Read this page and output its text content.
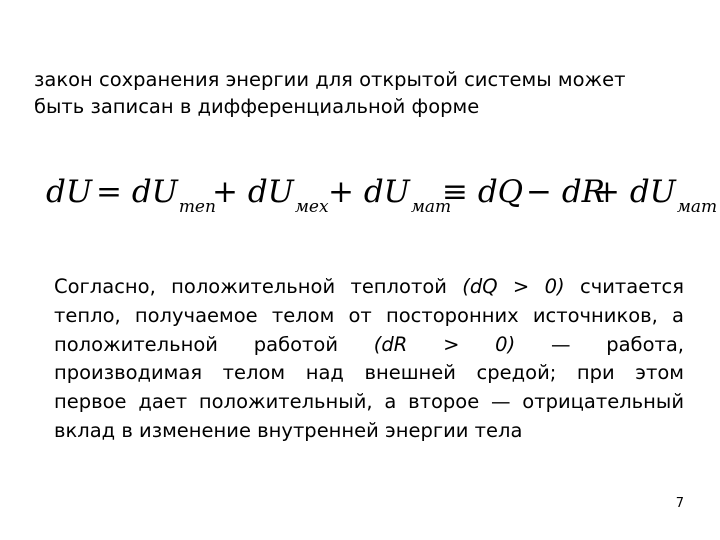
закон сохранения энергии для открытой системы может
быть записан в дифференциальной форме
dU = $dU_{теп}$
+ $dU_{мех} + dU_{мат}$
≡ dQ − dR
+ $dU_{мат}$
Согласно, положительной теплотой (dQ > 0) считается
тепло, получаемое телом от посторонних источников, а
положительной работой (dR > 0) — работа,
производимая телом над внешней средой; при этом
первое дает положительный, а второе — отрицательный
вклад в изменение внутренней энергии тела
7
